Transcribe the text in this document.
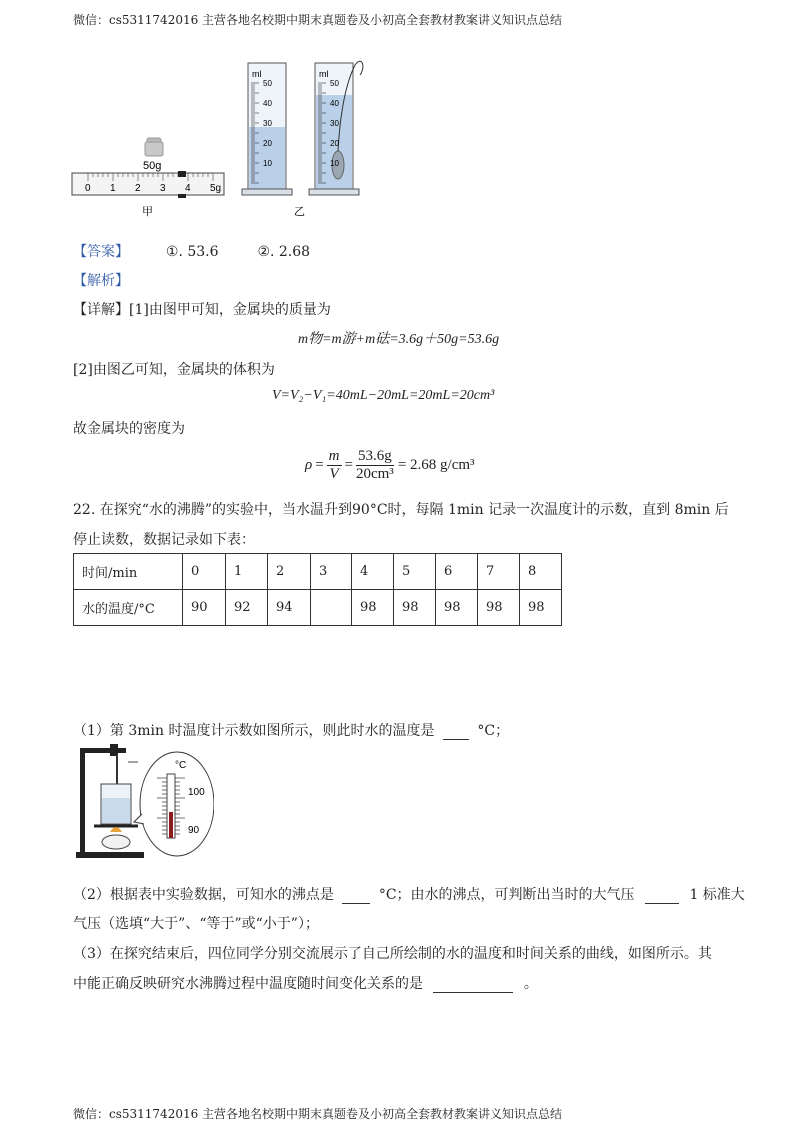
微信：cs5311742016 主营各地名校期中期末真题卷及小初高全套教材教案讲义知识点总结
50g
0 1 2 3 4 5g
甲
ml
50
40
30
20
10
ml
50
40
30
20
10
乙
【答案】	①. 53.6	②. 2.68
【解析】
【详解】[1]由图甲可知，金属块的质量为
m物=m游+m砝=3.6g＋50g=53.6g
[2]由图乙可知，金属块的体积为
V=V₂−V₁=40mL−20mL=20mL=20cm³
故金属块的密度为
$\rho = \frac{m}{V} = \frac{53.6g}{\text{20cm³}} = 2.68$ g/cm³
22. 在探究“水的沸腾”的实验中，当水温升到90°C时，每隔 1min 记录一次温度计的示数，直到 8min 后
停止读数，数据记录如下表：
时间/min	0	1	2	3	4	5	6	7	8
水的温度/°C	90	92	94		98	98	98	98	98
（1）第 3min 时温度计示数如图所示，则此时水的温度是	°C；
°C
100
90
（2）根据表中实验数据，可知水的沸点是	°C；由水的沸点，可判断出当时的大气压	1 标准大
气压（选填“大于”、“等于”或“小于”）；
（3）在探究结束后，四位同学分别交流展示了自己所绘制的水的温度和时间关系的曲线，如图所示。其
中能正确反映研究水沸腾过程中温度随时间变化关系的是	。
微信：cs5311742016 主营各地名校期中期末真题卷及小初高全套教材教案讲义知识点总结
